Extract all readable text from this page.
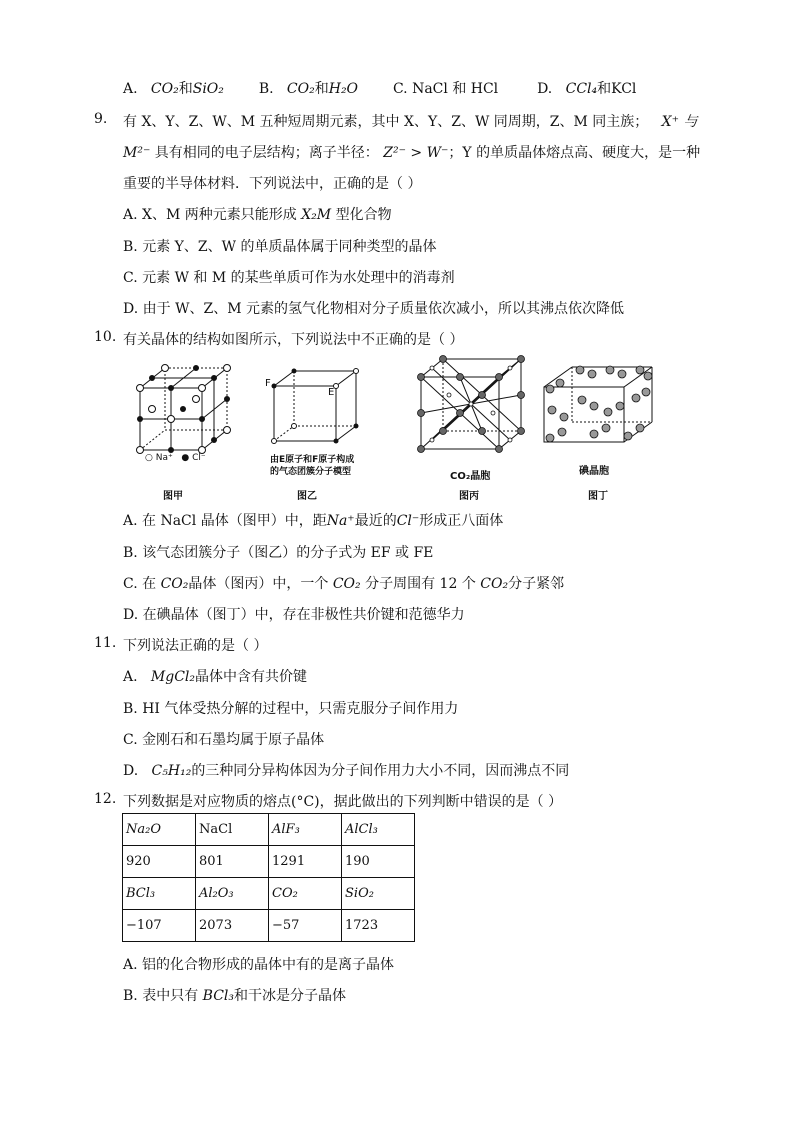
A. CO₂和SiO₂ B. CO₂和H₂O C. NaCl 和 HCl	D. CCl₄和KCl
9. 有 X、Y、Z、W、M 五种短周期元素，其中 X、Y、Z、W 同周期，Z、M 同主族； X⁺ 与
M²⁻ 具有相同的电子层结构；离子半径： Z²⁻ > W⁻；Y 的单质晶体熔点高、硬度大，是一种
重要的半导体材料．下列说法中，正确的是（ ）
A. X、M 两种元素只能形成 X₂M 型化合物
B. 元素 Y、Z、W 的单质晶体属于同种类型的晶体
C. 元素 W 和 M 的某些单质可作为水处理中的消毒剂
D. 由于 W、Z、M 元素的氢气化物相对分子质量依次减小，所以其沸点依次降低
10. 有关晶体的结构如图所示，下列说法中不正确的是（ ）
○ Na⁺ ● Cl⁻
图甲
F
E
由E原子和F原子构成
的气态团簇分子模型
图乙
CO₂晶胞
图丙
碘晶胞
图丁
A. 在 NaCl 晶体（图甲）中，距Na⁺最近的Cl⁻形成正八面体
B. 该气态团簇分子（图乙）的分子式为 EF 或 FE
C. 在 CO₂晶体（图丙）中，一个 CO₂ 分子周围有 12 个 CO₂分子紧邻
D. 在碘晶体（图丁）中，存在非极性共价键和范德华力
11. 下列说法正确的是（ ）
A. MgCl₂晶体中含有共价键
B. HI 气体受热分解的过程中，只需克服分子间作用力
C. 金刚石和石墨均属于原子晶体
D. C₅H₁₂的三种同分异构体因为分子间作用力大小不同，因而沸点不同
12. 下列数据是对应物质的熔点(°C)，据此做出的下列判断中错误的是（ ）
Na₂O	NaCl	AlF₃	AlCl₃
920	801	1291	190
BCl₃	Al₂O₃	CO₂	SiO₂
−107	2073	−57	1723
A. 铝的化合物形成的晶体中有的是离子晶体
B. 表中只有 BCl₃和干冰是分子晶体
